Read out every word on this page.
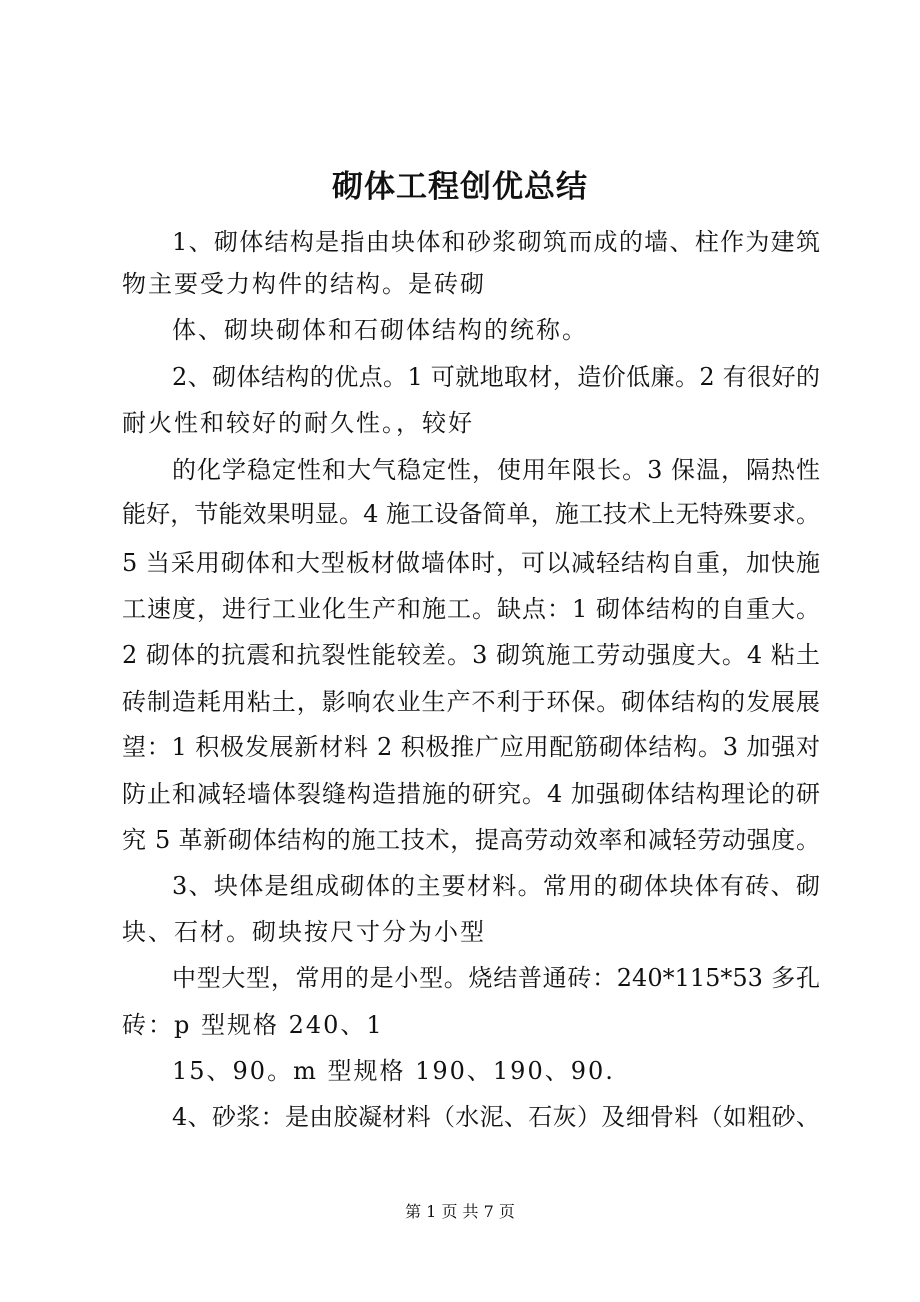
砌体工程创优总结
1、砌体结构是指由块体和砂浆砌筑而成的墙、柱作为建筑
物主要受力构件的结构。是砖砌
体、砌块砌体和石砌体结构的统称。
2、砌体结构的优点。1 可就地取材，造价低廉。2 有很好的
耐火性和较好的耐久性。，较好
的化学稳定性和大气稳定性，使用年限长。3 保温，隔热性
能好，节能效果明显。4 施工设备简单，施工技术上无特殊要求。
5 当采用砌体和大型板材做墙体时，可以减轻结构自重，加快施
工速度，进行工业化生产和施工。缺点：1 砌体结构的自重大。
2 砌体的抗震和抗裂性能较差。3 砌筑施工劳动强度大。4 粘土
砖制造耗用粘土，影响农业生产不利于环保。砌体结构的发展展
望：1 积极发展新材料 2 积极推广应用配筋砌体结构。3 加强对
防止和减轻墙体裂缝构造措施的研究。4 加强砌体结构理论的研
究 5 革新砌体结构的施工技术，提高劳动效率和减轻劳动强度。
3、块体是组成砌体的主要材料。常用的砌体块体有砖、砌
块、石材。砌块按尺寸分为小型
中型大型，常用的是小型。烧结普通砖：240*115*53 多孔
砖：p 型规格 240、1
15、90。m 型规格 190、190、90.
4、砂浆：是由胶凝材料（水泥、石灰）及细骨料（如粗砂、
第 1 页 共 7 页
